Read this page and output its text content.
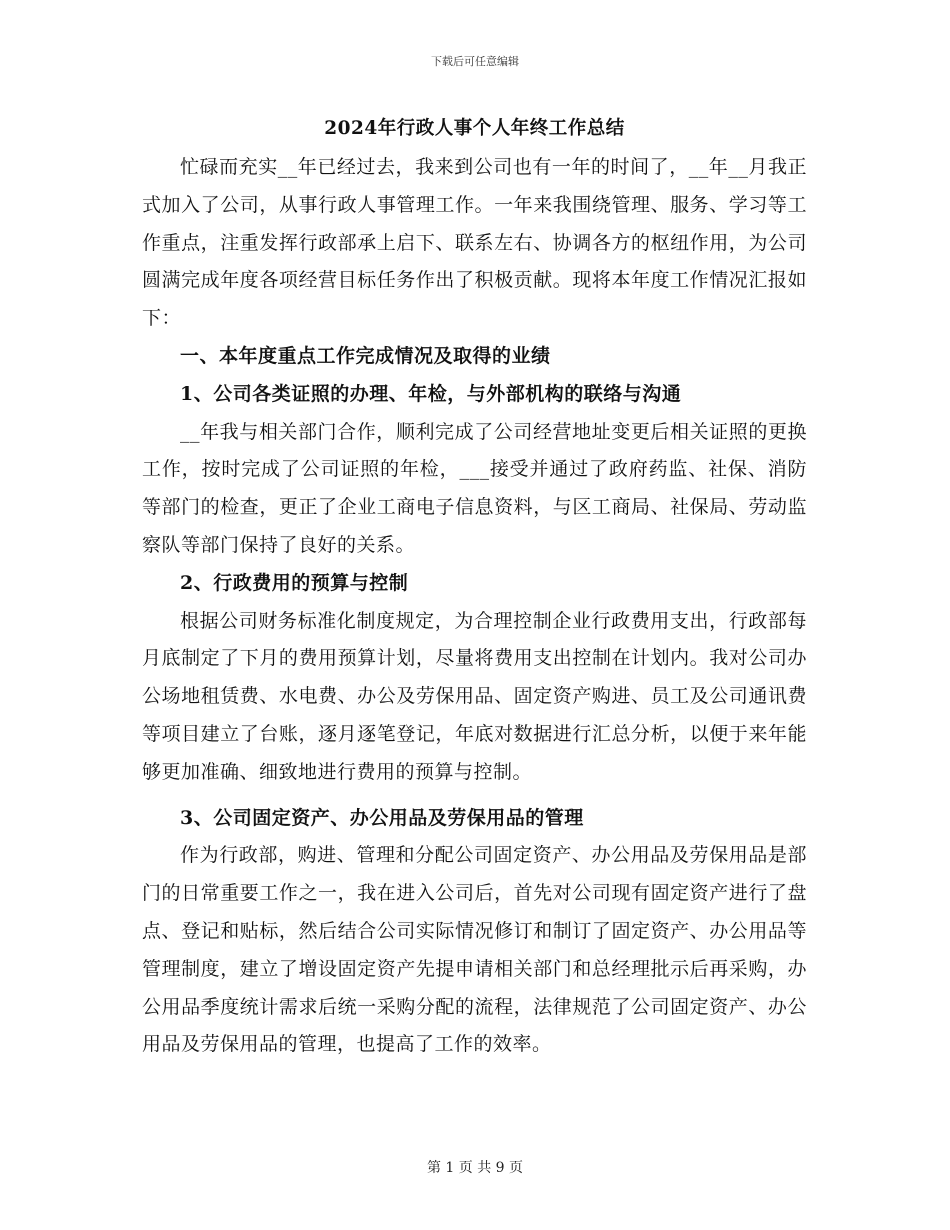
下载后可任意编辑
2024年行政人事个人年终工作总结

忙碌而充实__年已经过去，我来到公司也有一年的时间了，__年__月我正式加入了公司，从事行政人事管理工作。一年来我围绕管理、服务、学习等工作重点，注重发挥行政部承上启下、联系左右、协调各方的枢纽作用，为公司圆满完成年度各项经营目标任务作出了积极贡献。现将本年度工作情况汇报如下：

一、本年度重点工作完成情况及取得的业绩

1、公司各类证照的办理、年检，与外部机构的联络与沟通

__年我与相关部门合作，顺利完成了公司经营地址变更后相关证照的更换工作，按时完成了公司证照的年检，___接受并通过了政府药监、社保、消防等部门的检查，更正了企业工商电子信息资料，与区工商局、社保局、劳动监察队等部门保持了良好的关系。

2、行政费用的预算与控制

根据公司财务标准化制度规定，为合理控制企业行政费用支出，行政部每月底制定了下月的费用预算计划，尽量将费用支出控制在计划内。我对公司办公场地租赁费、水电费、办公及劳保用品、固定资产购进、员工及公司通讯费等项目建立了台账，逐月逐笔登记，年底对数据进行汇总分析，以便于来年能够更加准确、细致地进行费用的预算与控制。

3、公司固定资产、办公用品及劳保用品的管理

作为行政部，购进、管理和分配公司固定资产、办公用品及劳保用品是部门的日常重要工作之一，我在进入公司后，首先对公司现有固定资产进行了盘点、登记和贴标，然后结合公司实际情况修订和制订了固定资产、办公用品等管理制度，建立了增设固定资产先提申请相关部门和总经理批示后再采购，办公用品季度统计需求后统一采购分配的流程，法律规范了公司固定资产、办公用品及劳保用品的管理，也提高了工作的效率。

第 1 页 共 9 页
